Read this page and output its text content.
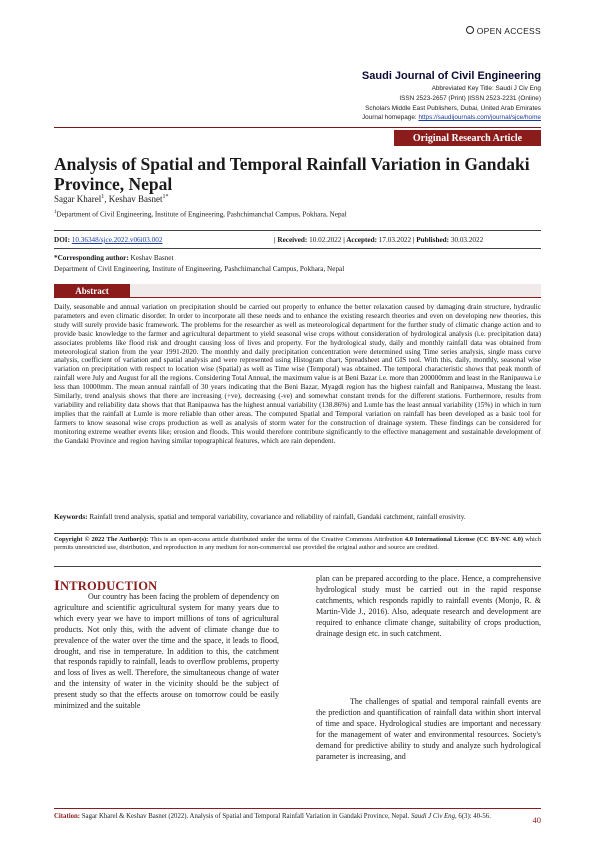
OPEN ACCESS
Saudi Journal of Civil Engineering
Abbreviated Key Title: Saudi J Civ Eng
ISSN 2523-2657 (Print) |ISSN 2523-2231 (Online)
Scholars Middle East Publishers, Dubai, United Arab Emirates
Journal homepage: https://saudijournals.com/journal/sjce/home
Original Research Article
Analysis of Spatial and Temporal Rainfall Variation in Gandaki Province, Nepal
Sagar Kharel$^1$, Keshav Basnet$^{1*}$
$^1$Department of Civil Engineering, Institute of Engineering, Pashchimanchal Campus, Pokhara, Nepal
DOI: 10.36348/sjce.2022.v06i03.002	| Received: 10.02.2022 | Accepted: 17.03.2022 | Published: 30.03.2022
*Corresponding author: Keshav Basnet
Department of Civil Engineering, Institute of Engineering, Pashchimanchal Campus, Pokhara, Nepal
Abstract
Daily, seasonable and annual variation on precipitation should be carried out properly to enhance the better relaxation caused by damaging drain structure, hydraulic parameters and even climatic disorder. In order to incorporate all these needs and to enhance the existing research theories and even on developing new theories, this study will surely provide basic framework. The problems for the researcher as well as meteorological department for the further study of climatic change action and to provide basic knowledge to the farmer and agricultural department to yield seasonal wise crops without consideration of hydrological analysis (i.e. precipitation data) associates problems like flood risk and drought causing loss of lives and property. For the hydrological study, daily and monthly rainfall data was obtained from meteorological station from the year 1991-2020. The monthly and daily precipitation concentration were determined using Time series analysis, single mass curve analysis, coefficient of variation and spatial analysis and were represented using Histogram chart, Spreadsheet and GIS tool. With this, daily, monthly, seasonal wise variation on precipitation with respect to location wise (Spatial) as well as Time wise (Temporal) was obtained. The temporal characteristic shows that peak month of rainfall were July and August for all the regions. Considering Total Annual, the maximum value is at Beni Bazar i.e. more than 200000mm and least in the Ranipauwa i.e less than 10000mm. The mean annual rainfall of 30 years indicating that the Beni Bazar, Myagdi region has the highest rainfall and Ranipauwa, Mustang the least. Similarly, trend analysis shows that there are increasing (+ve), decreasing (-ve) and somewhat constant trends for the different stations. Furthermore, results from variability and reliability data shows that that Ranipauwa has the highest annual variability (138.86%) and Lumle has the least annual variability (15%) in which in turn implies that the rainfall at Lumle is more reliable than other areas. The computed Spatial and Temporal variation on rainfall has been developed as a basic tool for farmers to know seasonal wise crops production as well as analysis of storm water for the construction of drainage system. These findings can be considered for monitoring extreme weather events like; erosion and floods. This would therefore contribute significantly to the effective management and sustainable development of the Gandaki Province and region having similar topographical features, which are rain dependent.
Keywords: Rainfall trend analysis, spatial and temporal variability, covariance and reliability of rainfall, Gandaki catchment, rainfall erosivity.
Copyright © 2022 The Author(s): This is an open-access article distributed under the terms of the Creative Commons Attribution 4.0 International License (CC BY-NC 4.0) which permits unrestricted use, distribution, and reproduction in any medium for non-commercial use provided the original author and source are credited.
INTRODUCTION

Our country has been facing the problem of dependency on agriculture and scientific agricultural system for many years due to which every year we have to import millions of tons of agricultural products. Not only this, with the advent of climate change due to prevalence of the water over the time and the space, it leads to flood, drought, and rise in temperature. In addition to this, the catchment that responds rapidly to rainfall, leads to overflow problems, property and loss of lives as well. Therefore, the simultaneous change of water and the intensity of water in the vicinity should be the subject of present study so that the effects arouse on tomorrow could be easily minimized and the suitable

plan can be prepared according to the place. Hence, a comprehensive hydrological study must be carried out in the rapid response catchments, which responds rapidly to rainfall events (Monjo, R. & Martin-Vide J., 2016). Also, adequate research and development are required to enhance climate change, suitability of crops production, drainage design etc. in such catchment.

The challenges of spatial and temporal rainfall events are the prediction and quantification of rainfall data within short interval of time and space. Hydrological studies are important and necessary for the management of water and environmental resources. Society's demand for predictive ability to study and analyze such hydrological parameter is increasing, and

Citation: Sagar Kharel & Keshav Basnet (2022). Analysis of Spatial and Temporal Rainfall Variation in Gandaki Province, Nepal. Saudi J Civ Eng, 6(3): 40-56.	40
